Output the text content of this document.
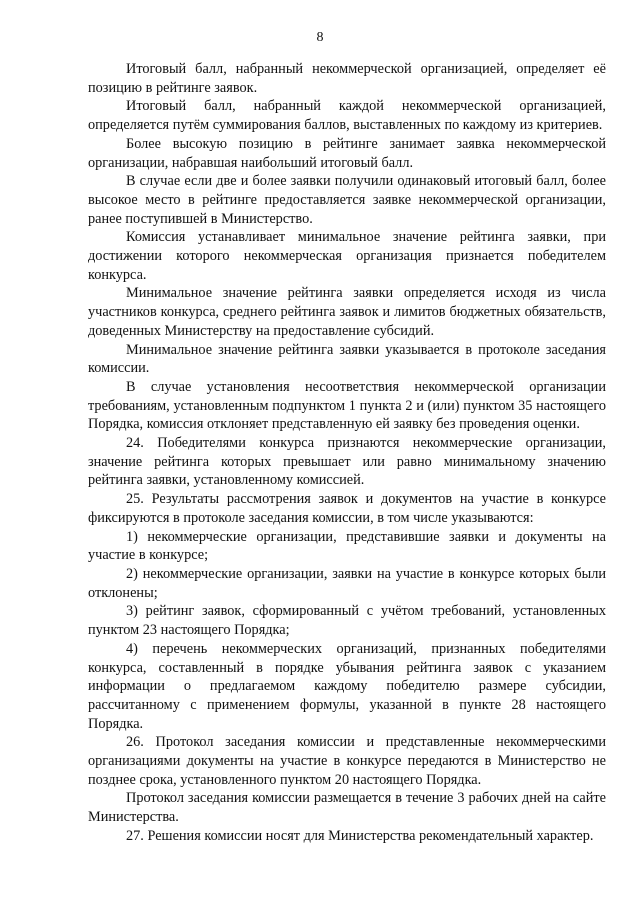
8

Итоговый балл, набранный некоммерческой организацией, определяет её позицию в рейтинге заявок.

Итоговый балл, набранный каждой некоммерческой организацией, определяется путём суммирования баллов, выставленных по каждому из критериев.

Более высокую позицию в рейтинге занимает заявка некоммерческой организации, набравшая наибольший итоговый балл.

В случае если две и более заявки получили одинаковый итоговый балл, более высокое место в рейтинге предоставляется заявке некоммерческой организации, ранее поступившей в Министерство.

Комиссия устанавливает минимальное значение рейтинга заявки, при достижении которого некоммерческая организация признается победителем конкурса.

Минимальное значение рейтинга заявки определяется исходя из числа участников конкурса, среднего рейтинга заявок и лимитов бюджетных обязательств, доведенных Министерству на предоставление субсидий.

Минимальное значение рейтинга заявки указывается в протоколе заседания комиссии.

В случае установления несоответствия некоммерческой организации требованиям, установленным подпунктом 1 пункта 2 и (или) пунктом 35 настоящего Порядка, комиссия отклоняет представленную ей заявку без проведения оценки.

24. Победителями конкурса признаются некоммерческие организации, значение рейтинга которых превышает или равно минимальному значению рейтинга заявки, установленному комиссией.

25. Результаты рассмотрения заявок и документов на участие в конкурсе фиксируются в протоколе заседания комиссии, в том числе указываются:

1) некоммерческие организации, представившие заявки и документы на участие в конкурсе;

2) некоммерческие организации, заявки на участие в конкурсе которых были отклонены;

3) рейтинг заявок, сформированный с учётом требований, установленных пунктом 23 настоящего Порядка;

4) перечень некоммерческих организаций, признанных победителями конкурса, составленный в порядке убывания рейтинга заявок с указанием информации о предлагаемом каждому победителю размере субсидии, рассчитанному с применением формулы, указанной в пункте 28 настоящего Порядка.

26. Протокол заседания комиссии и представленные некоммерческими организациями документы на участие в конкурсе передаются в Министерство не позднее срока, установленного пунктом 20 настоящего Порядка.

Протокол заседания комиссии размещается в течение 3 рабочих дней на сайте Министерства.

27. Решения комиссии носят для Министерства рекомендательный характер.
